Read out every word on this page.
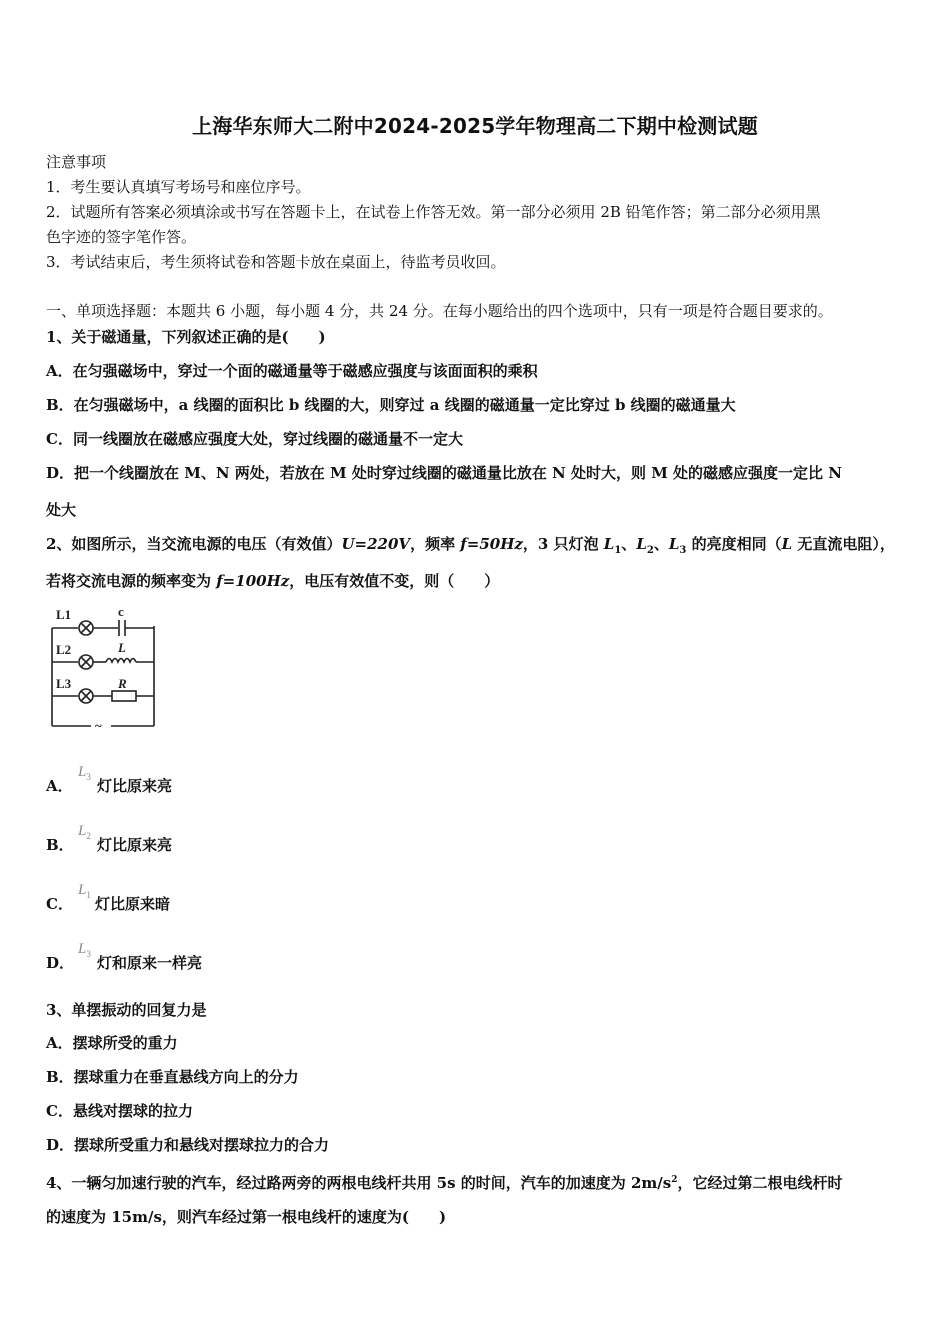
上海华东师大二附中2024-2025学年物理高二下期中检测试题
注意事项
1．考生要认真填写考场号和座位序号。
2．试题所有答案必须填涂或书写在答题卡上，在试卷上作答无效。第一部分必须用 2B 铅笔作答；第二部分必须用黑
色字迹的签字笔作答。
3．考试结束后，考生须将试卷和答题卡放在桌面上，待监考员收回。
一、单项选择题：本题共 6 小题，每小题 4 分，共 24 分。在每小题给出的四个选项中，只有一项是符合题目要求的。
1、关于磁通量，下列叙述正确的是(　　)
A．在匀强磁场中，穿过一个面的磁通量等于磁感应强度与该面面积的乘积
B．在匀强磁场中，a 线圈的面积比 b 线圈的大，则穿过 a 线圈的磁通量一定比穿过 b 线圈的磁通量大
C．同一线圈放在磁感应强度大处，穿过线圈的磁通量不一定大
D．把一个线圈放在 M、N 两处，若放在 M 处时穿过线圈的磁通量比放在 N 处时大，则 M 处的磁感应强度一定比 N
处大
2、如图所示，当交流电源的电压（有效值）U=220V，频率 f=50Hz，3 只灯泡 $L_1$、$L_2$、$L_3$ 的亮度相同（L 无直流电阻），
若将交流电源的频率变为 f=100Hz，电压有效值不变，则（　　）
L1	c
L2	L
L3	R
~
A．
$L_3$ 灯比原来亮
B．
$L_2$ 灯比原来亮
C．
$L_1$ 灯比原来暗
D．
$L_3$ 灯和原来一样亮
3、单摆振动的回复力是
A．摆球所受的重力
B．摆球重力在垂直悬线方向上的分力
C．悬线对摆球的拉力
D．摆球所受重力和悬线对摆球拉力的合力
4、一辆匀加速行驶的汽车，经过路两旁的两根电线杆共用 5s 的时间，汽车的加速度为 $2m/s^2$，它经过第二根电线杆时
的速度为 15m/s，则汽车经过第一根电线杆的速度为(　　)
